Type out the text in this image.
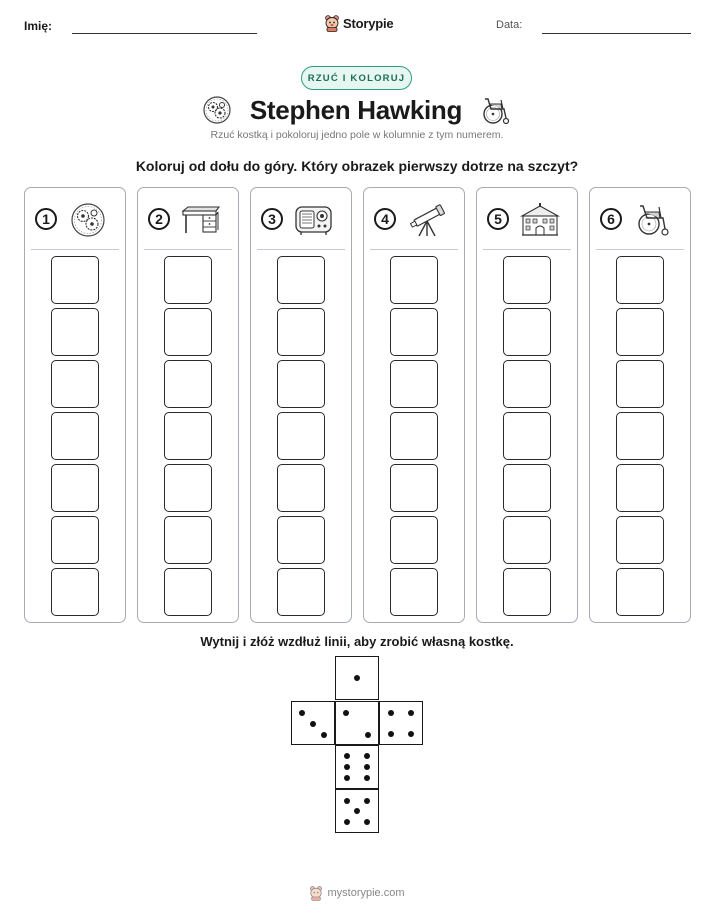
Imię:	Storypie	Data:
RZUĆ I KOLORUJ
Stephen Hawking
Rzuć kostką i pokoloruj jedno pole w kolumnie z tym numerem.
Koloruj od dołu do góry. Który obrazek pierwszy dotrze na szczyt?
1	2	3	4	5	6
Wytnij i złóż wzdłuż linii, aby zrobić własną kostkę.
mystorypie.com
